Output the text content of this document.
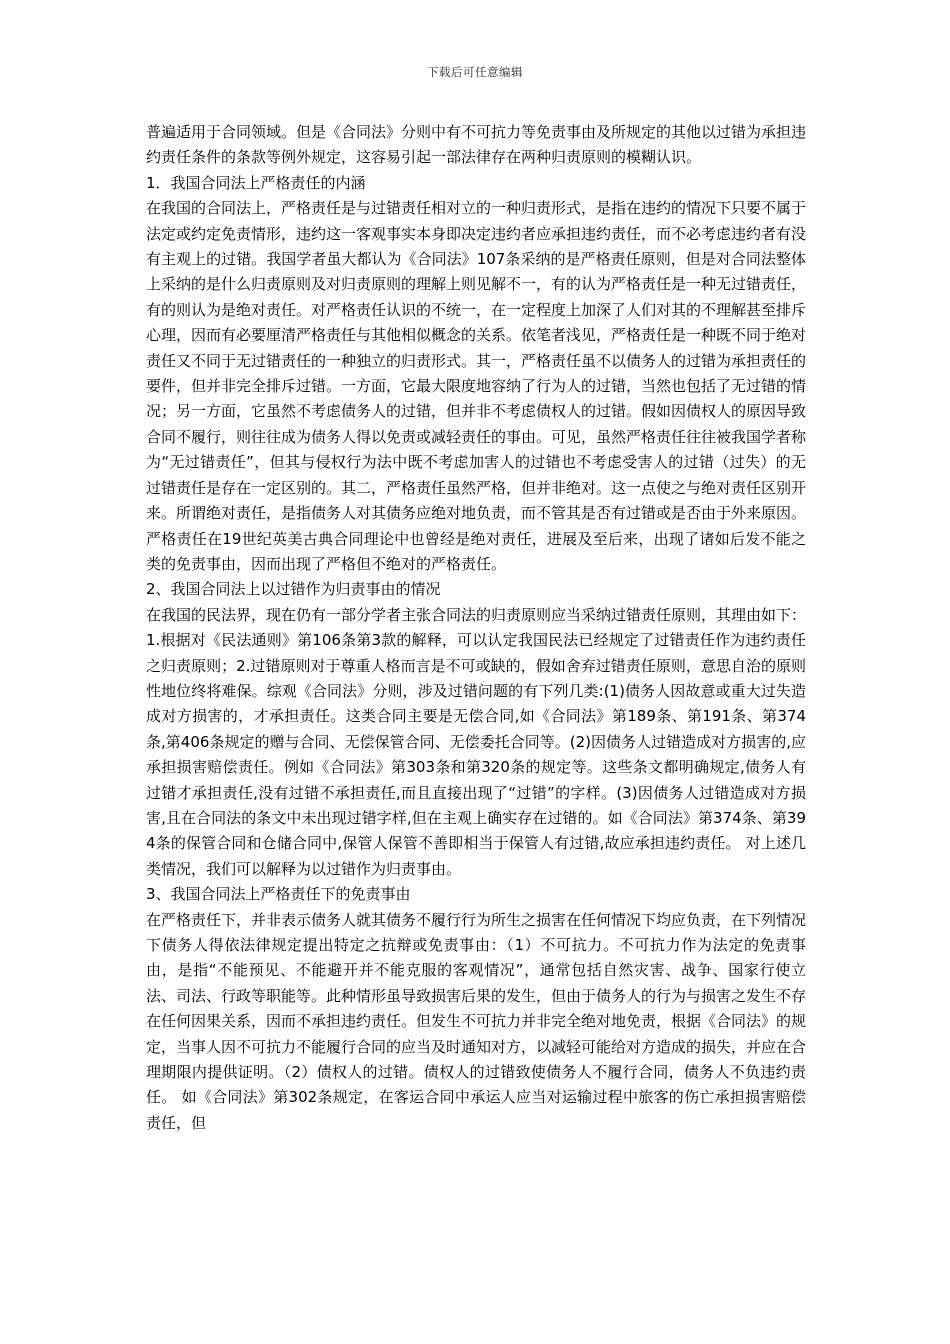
下载后可任意编辑

普遍适用于合同领域。但是《合同法》分则中有不可抗力等免责事由及所规定的其他以过错为承担违约责任条件的条款等例外规定，这容易引起一部法律存在两种归责原则的模糊认识。

1．我国合同法上严格责任的内涵

在我国的合同法上，严格责任是与过错责任相对立的一种归责形式，是指在违约的情况下只要不属于法定或约定免责情形，违约这一客观事实本身即决定违约者应承担违约责任，而不必考虑违约者有没有主观上的过错。我国学者虽大都认为《合同法》107条采纳的是严格责任原则，但是对合同法整体上采纳的是什么归责原则及对归责原则的理解上则见解不一，有的认为严格责任是一种无过错责任，有的则认为是绝对责任。对严格责任认识的不统一，在一定程度上加深了人们对其的不理解甚至排斥心理，因而有必要厘清严格责任与其他相似概念的关系。依笔者浅见，严格责任是一种既不同于绝对责任又不同于无过错责任的一种独立的归责形式。其一，严格责任虽不以债务人的过错为承担责任的要件，但并非完全排斥过错。一方面，它最大限度地容纳了行为人的过错，当然也包括了无过错的情况；另一方面，它虽然不考虑债务人的过错，但并非不考虑债权人的过错。假如因债权人的原因导致合同不履行，则往往成为债务人得以免责或减轻责任的事由。可见，虽然严格责任往往被我国学者称为“无过错责任”，但其与侵权行为法中既不考虑加害人的过错也不考虑受害人的过错（过失）的无过错责任是存在一定区别的。其二，严格责任虽然严格，但并非绝对。这一点使之与绝对责任区别开来。所谓绝对责任，是指债务人对其债务应绝对地负责，而不管其是否有过错或是否由于外来原因。严格责任在19世纪英美古典合同理论中也曾经是绝对责任，进展及至后来，出现了诸如后发不能之类的免责事由，因而出现了严格但不绝对的严格责任。

2、我国合同法上以过错作为归责事由的情况

在我国的民法界，现在仍有一部分学者主张合同法的归责原则应当采纳过错责任原则，其理由如下：1.根据对《民法通则》第106条第3款的解释，可以认定我国民法已经规定了过错责任作为违约责任之归责原则；2.过错原则对于尊重人格而言是不可或缺的，假如舍弃过错责任原则，意思自治的原则性地位终将难保。综观《合同法》分则，涉及过错问题的有下列几类:(1)债务人因故意或重大过失造成对方损害的，才承担责任。这类合同主要是无偿合同,如《合同法》第189条、第191条、第374条,第406条规定的赠与合同、无偿保管合同、无偿委托合同等。(2)因债务人过错造成对方损害的,应承担损害赔偿责任。例如《合同法》第303条和第320条的规定等。这些条文都明确规定,债务人有过错才承担责任,没有过错不承担责任,而且直接出现了“过错”的字样。(3)因债务人过错造成对方损害,且在合同法的条文中未出现过错字样,但在主观上确实存在过错的。如《合同法》第374条、第394条的保管合同和仓储合同中,保管人保管不善即相当于保管人有过错,故应承担违约责任。 对上述几类情况，我们可以解释为以过错作为归责事由。

3、我国合同法上严格责任下的免责事由

在严格责任下，并非表示债务人就其债务不履行行为所生之损害在任何情况下均应负责，在下列情况下债务人得依法律规定提出特定之抗辩或免责事由：（1）不可抗力。不可抗力作为法定的免责事由，是指“不能预见、不能避开并不能克服的客观情况”，通常包括自然灾害、战争、国家行使立法、司法、行政等职能等。此种情形虽导致损害后果的发生，但由于债务人的行为与损害之发生不存在任何因果关系，因而不承担违约责任。但发生不可抗力并非完全绝对地免责，根据《合同法》的规定，当事人因不可抗力不能履行合同的应当及时通知对方，以减轻可能给对方造成的损失，并应在合理期限内提供证明。（2）债权人的过错。债权人的过错致使债务人不履行合同，债务人不负违约责任。 如《合同法》第302条规定，在客运合同中承运人应当对运输过程中旅客的伤亡承担损害赔偿责任，但
